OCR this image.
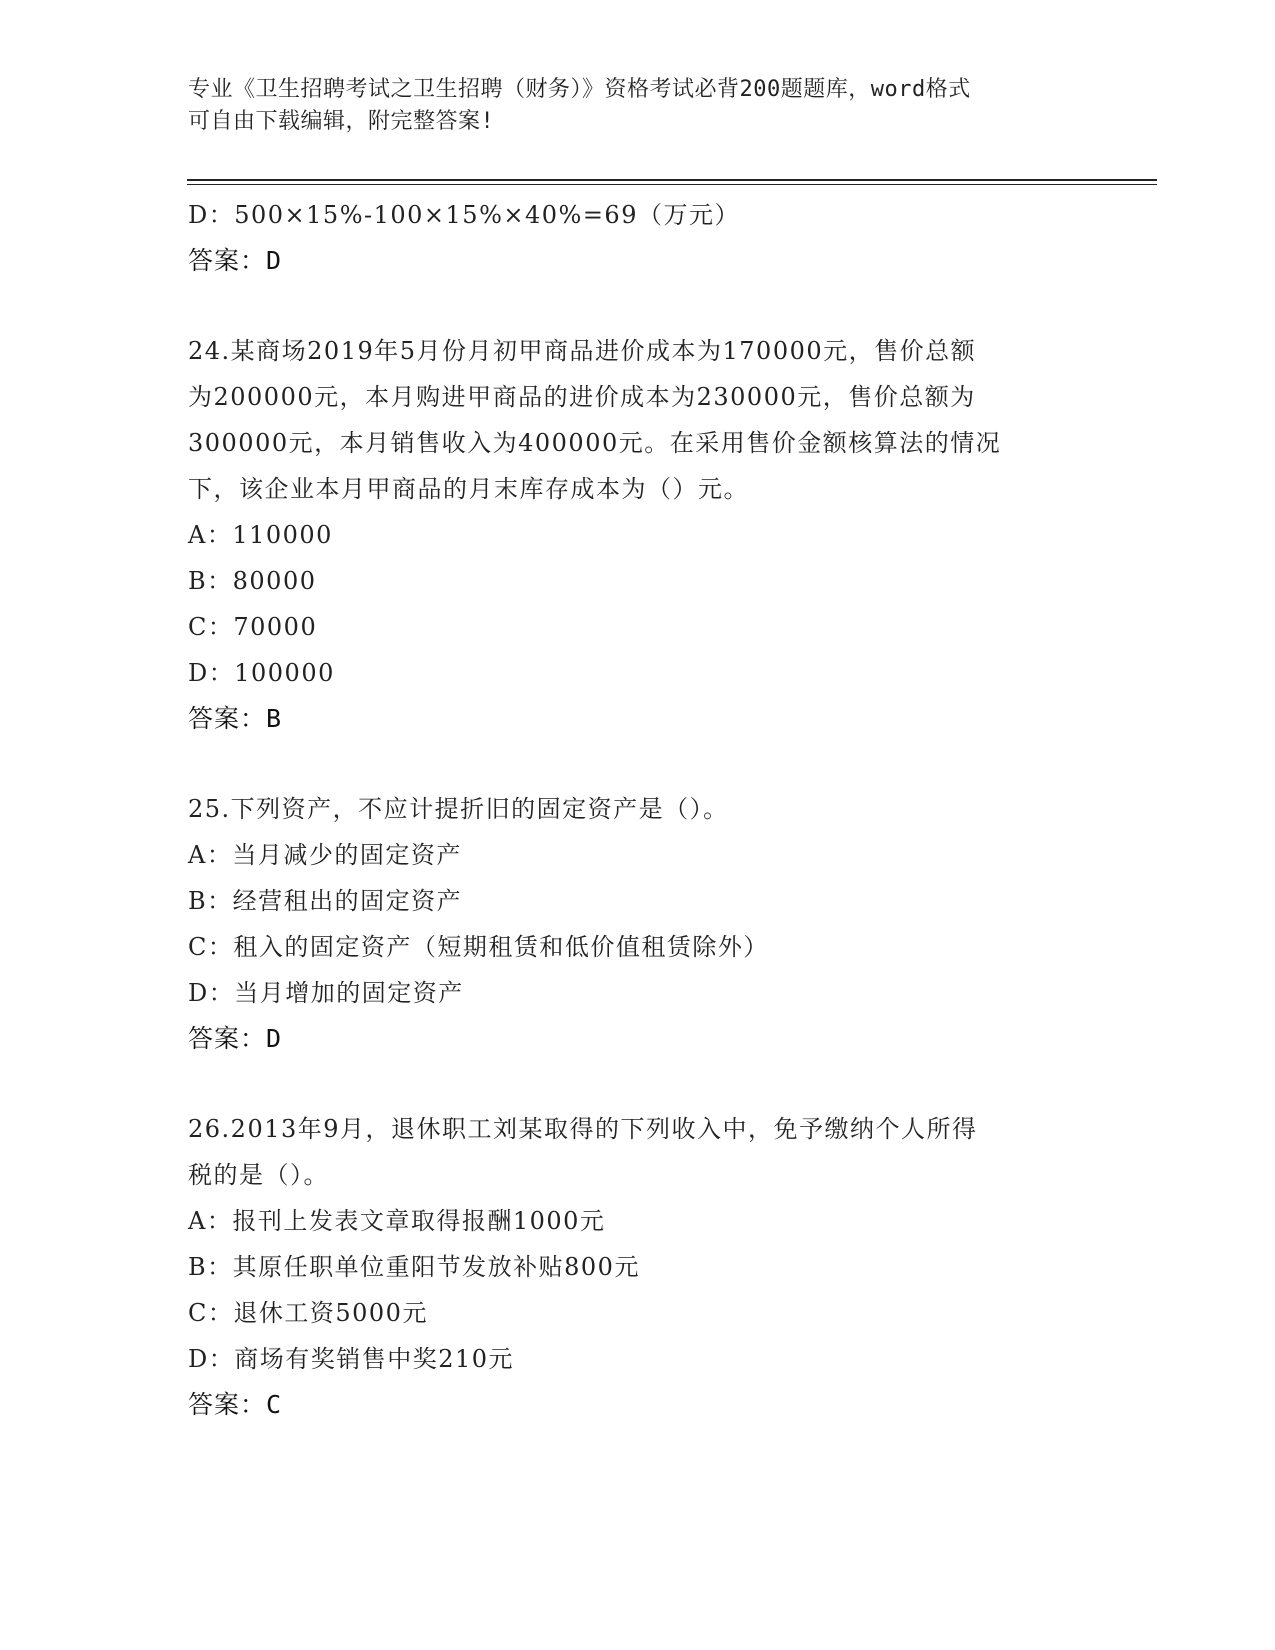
专业《卫生招聘考试之卫生招聘（财务）》资格考试必背200题题库，word格式
可自由下载编辑，附完整答案!
D：500×15%-100×15%×40%=69（万元）
答案：D
24.某商场2019年5月份月初甲商品进价成本为170000元，售价总额
为200000元，本月购进甲商品的进价成本为230000元，售价总额为
300000元，本月销售收入为400000元。在采用售价金额核算法的情况
下，该企业本月甲商品的月末库存成本为（）元。
A：110000
B：80000
C：70000
D：100000
答案：B
25.下列资产，不应计提折旧的固定资产是（）。
A：当月减少的固定资产
B：经营租出的固定资产
C：租入的固定资产（短期租赁和低价值租赁除外）
D：当月增加的固定资产
答案：D
26.2013年9月，退休职工刘某取得的下列收入中，免予缴纳个人所得
税的是（）。
A：报刊上发表文章取得报酬1000元
B：其原任职单位重阳节发放补贴800元
C：退休工资5000元
D：商场有奖销售中奖210元
答案：C
